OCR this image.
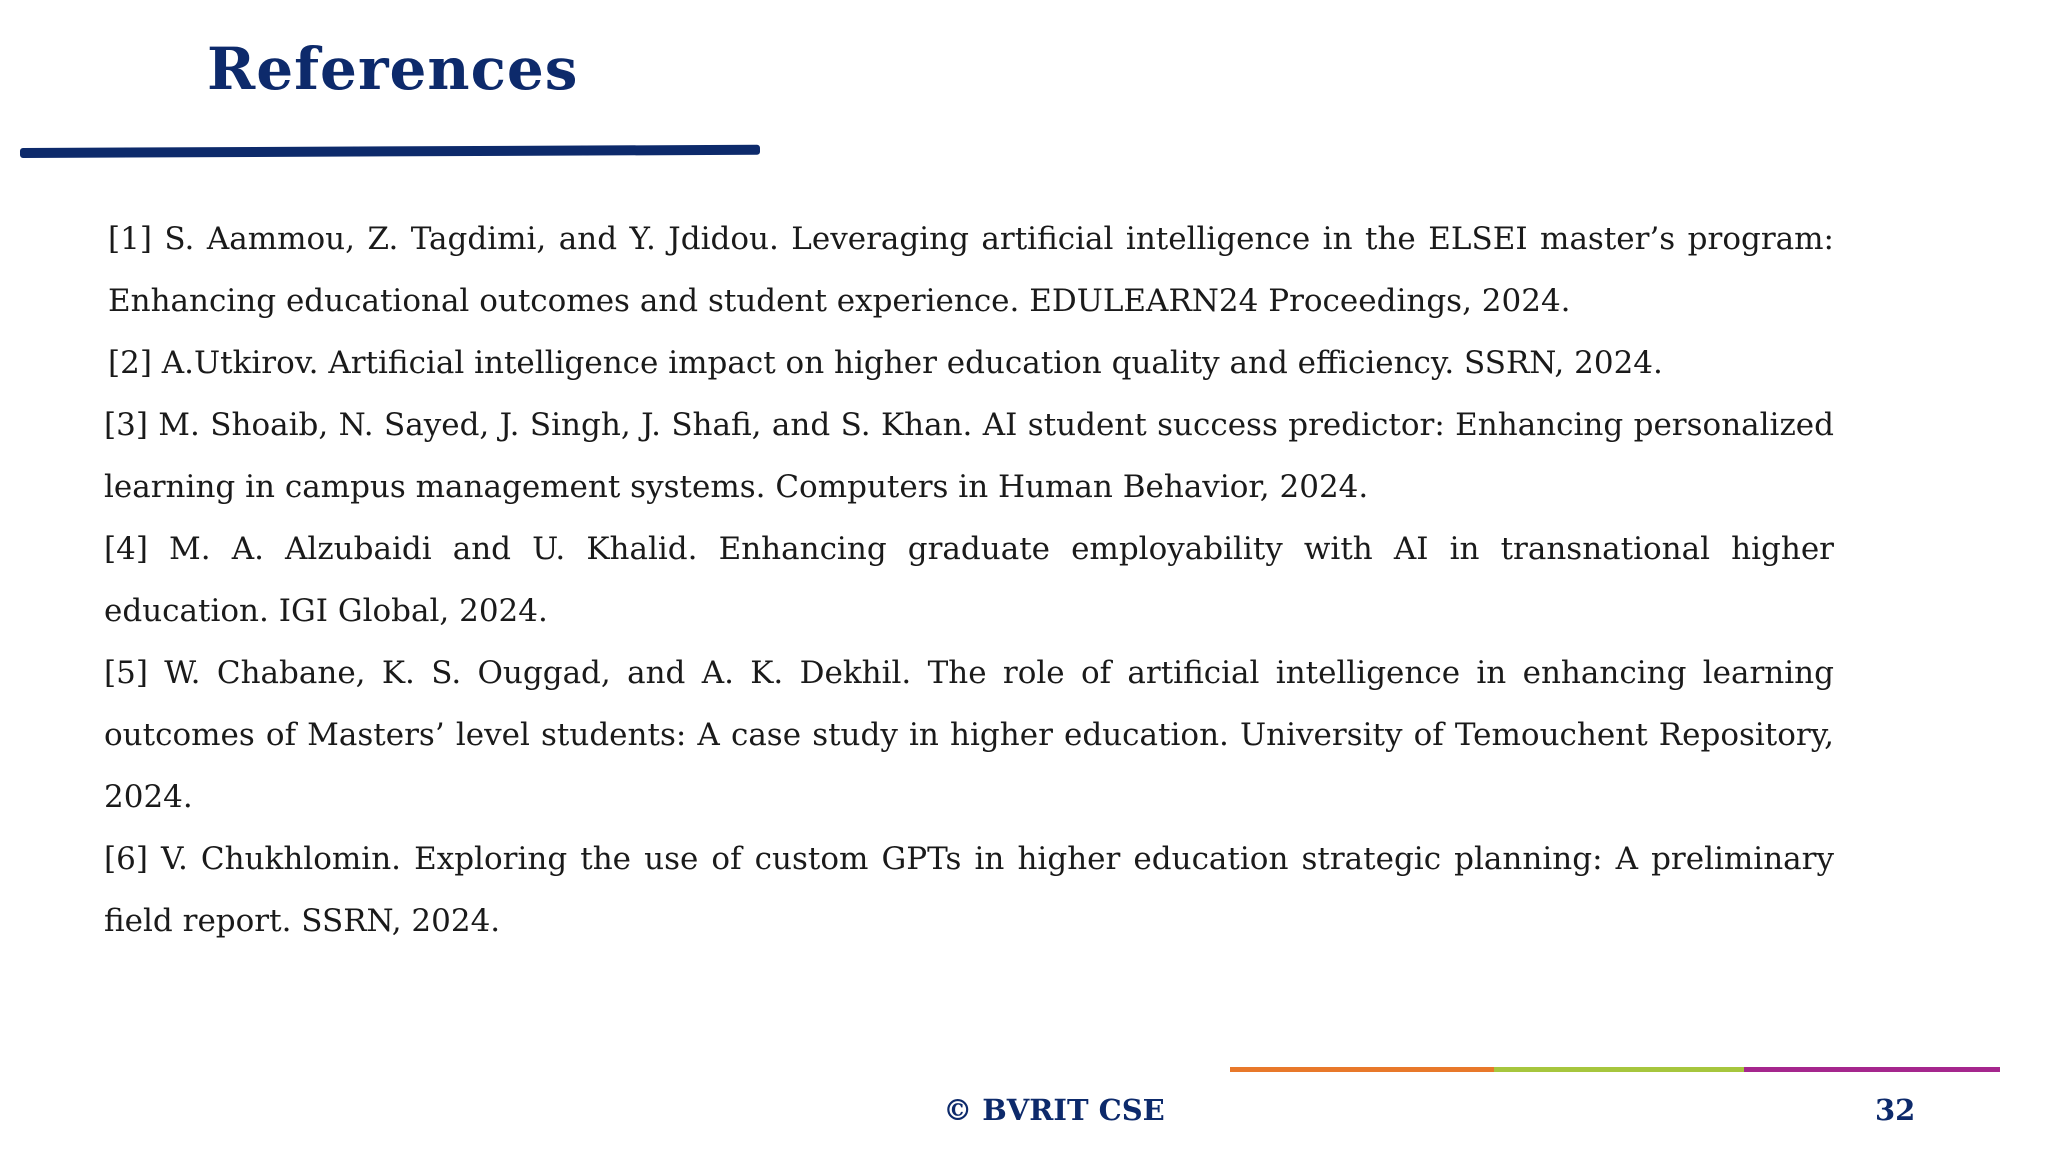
References

[1] S. Aammou, Z. Tagdimi, and Y. Jdidou. Leveraging artificial intelligence in the ELSEI master’s program: Enhancing educational outcomes and student experience. EDULEARN24 Proceedings, 2024.

[2] A.Utkirov. Artificial intelligence impact on higher education quality and efficiency. SSRN, 2024.

[3] M. Shoaib, N. Sayed, J. Singh, J. Shafi, and S. Khan. AI student success predictor: Enhancing personalized learning in campus management systems. Computers in Human Behavior, 2024.

[4] M. A. Alzubaidi and U. Khalid. Enhancing graduate employability with AI in transnational higher education. IGI Global, 2024.

[5] W. Chabane, K. S. Ouggad, and A. K. Dekhil. The role of artificial intelligence in enhancing learning outcomes of Masters’ level students: A case study in higher education. University of Temouchent Repository, 2024.

[6] V. Chukhlomin. Exploring the use of custom GPTs in higher education strategic planning: A preliminary field report. SSRN, 2024.

© BVRIT CSE	32
